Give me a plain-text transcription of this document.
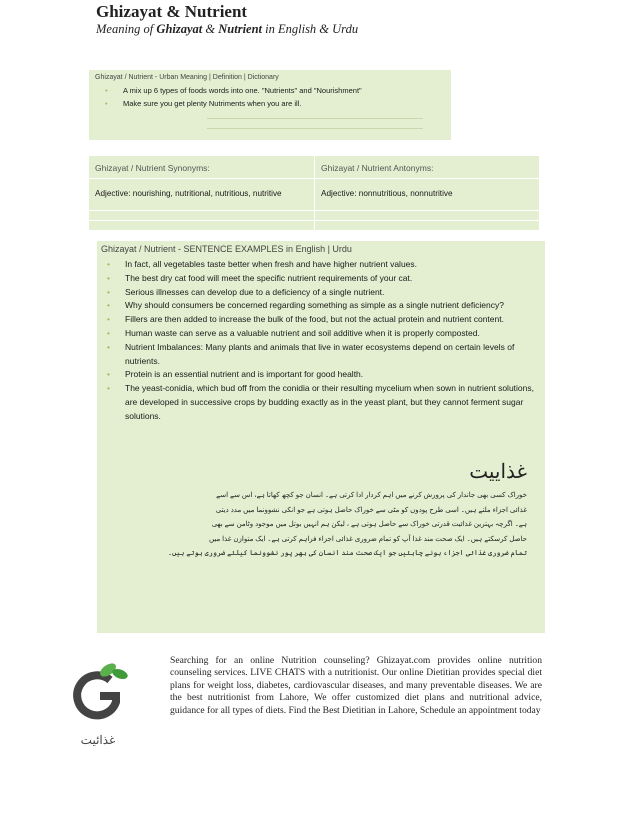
Ghizayat & Nutrient
Meaning of Ghizayat & Nutrient in English & Urdu
Ghizayat / Nutrient - Urban Meaning | Definition | Dictionary
• A mix up 6 types of foods words into one. "Nutrients" and "Nourishment"
• Make sure you get plenty Nutriments when you are ill.
Ghizayat / Nutrient Synonyms:
Adjective: nourishing, nutritional, nutritious, nutritive
Ghizayat / Nutrient Antonyms:
Adjective: nonnutritious, nonnutritive
Ghizayat / Nutrient - SENTENCE EXAMPLES in English | Urdu
• In fact, all vegetables taste better when fresh and have higher nutrient values.
• The best dry cat food will meet the specific nutrient requirements of your cat.
• Serious illnesses can develop due to a deficiency of a single nutrient.
• Why should consumers be concerned regarding something as simple as a single nutrient deficiency?
• Fillers are then added to increase the bulk of the food, but not the actual protein and nutrient content.
• Human waste can serve as a valuable nutrient and soil additive when it is properly composted.
• Nutrient Imbalances: Many plants and animals that live in water ecosystems depend on certain levels of nutrients.
• Protein is an essential nutrient and is important for good health.
• The yeast-conidia, which bud off from the conidia or their resulting mycelium when sown in nutrient solutions, are developed in successive crops by budding exactly as in the yeast plant, but they cannot ferment sugar solutions.
غذاییت
خوراک کسی بھی جاندار کی پرورش کرنے میں اہم کردار ادا کرتی ہے۔ انسان جو کچھ کھاتا ہے، اس سے اسے
غذائی اجزاء ملتے ہیں۔ اسی طرح پودوں کو مٹی سے خوراک حاصل ہوتی ہے جو انکی نشوونما میں مدد دیتی
ہے۔ اگرچہ بہترین غذائیت قدرتی خوراک سے حاصل ہوتی ہے ، لیکن ہم انہیں بوتل میں موجود وٹامن سے بھی
حاصل کرسکتے ہیں۔ ایک صحت مند غذا آپ کو تمام ضروری غذائی اجزاء فراہم کرتی ہے۔ ایک متوازن غذا میں
تمام ضروری غذائی اجزاء ہونے چاہئیں جو ایک صحت مند انسان کی بھر پور نشوونما کیلئے ضروری ہوتے ہیں۔
غذائیت
Searching for an online Nutrition counseling? Ghizayat.com provides online nutrition counseling services. LIVE CHATS with a nutritionist. Our online Dietitian provides special diet plans for weight loss, diabetes, cardiovascular diseases, and many preventable diseases. We are the best nutritionist from Lahore, We offer customized diet plans and nutritional advice, guidance for all types of diets. Find the Best Dietitian in Lahore, Schedule an appointment today
